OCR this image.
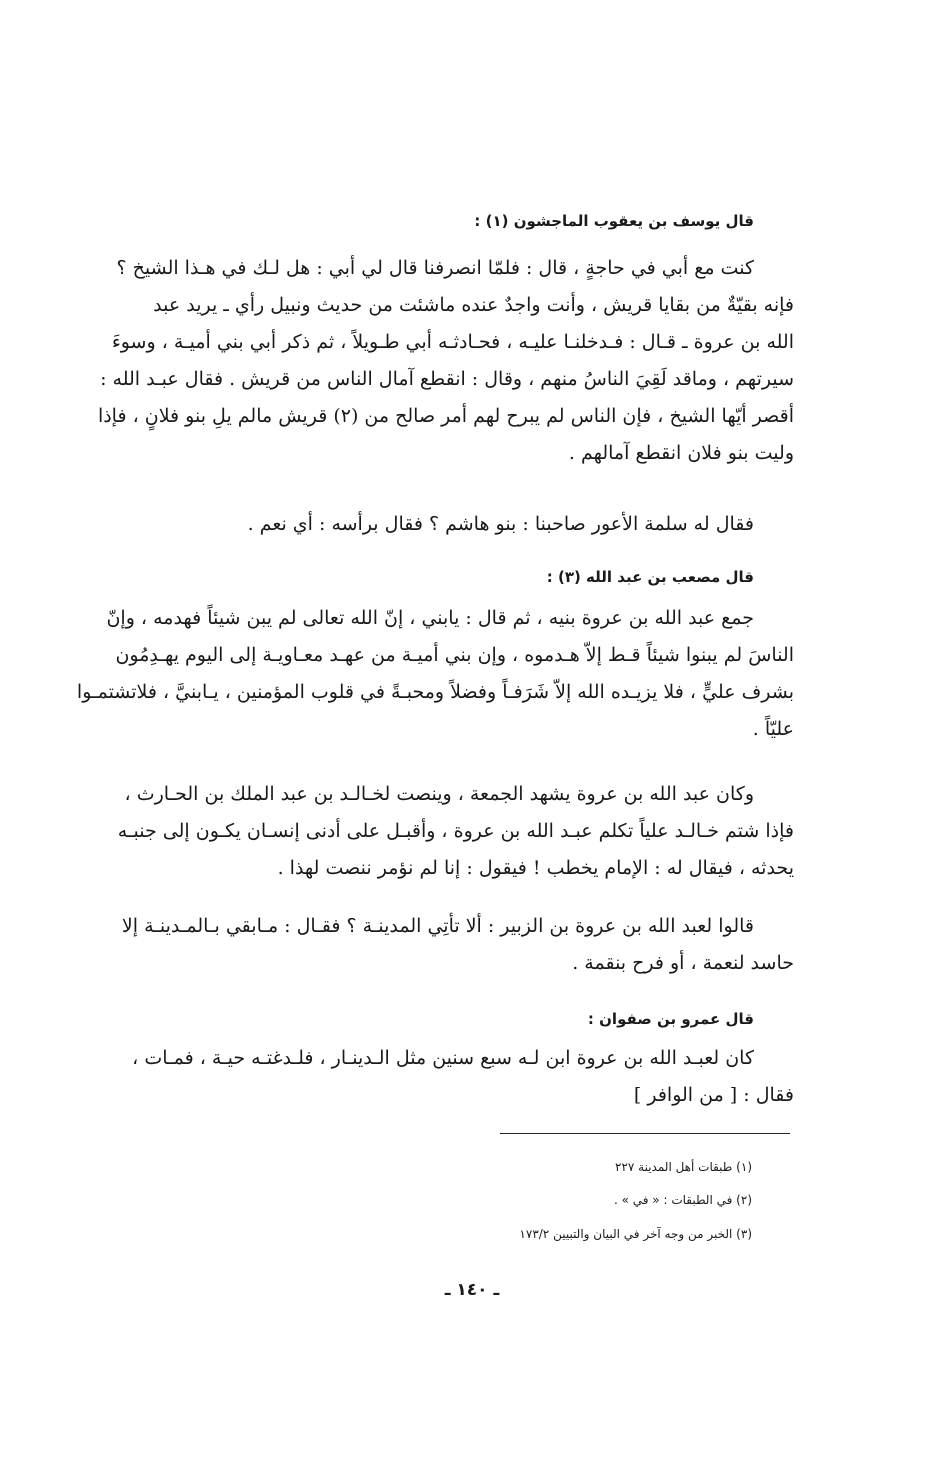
قال يوسف بن يعقوب الماجشون (١) :
كنت مع أبي في حاجةٍ ، قال : فلمّا انصرفنا قال لي أبي : هل لـك في هـذا الشيخ ؟
فإنه بقيّةٌ من بقايا قريش ، وأنت واجدٌ عنده ماشئت من حديث ونبيل رأي ـ يريد عبد
الله بن عروة ـ قـال : فـدخلنـا عليـه ، فحـادثـه أبي طـويلاً ، ثم ذكر أبي بني أميـة ، وسوءَ
سيرتهم ، وماقد لَقِيَ الناسُ منهم ، وقال : انقطع آمال الناس من قريش . فقال عبـد الله :
أقصر أيّها الشيخ ، فإن الناس لم يبرح لهم أمر صالح من (٢) قريش مالم يلِ بنو فلانٍ ، فإذا
وليت بنو فلان انقطع آمالهم .
فقال له سلمة الأعور صاحبنا : بنو هاشم ؟ فقال برأسه : أي نعم .
قال مصعب بن عبد الله (٣) :
جمع عبد الله بن عروة بنيه ، ثم قال : يابني ، إنّ الله تعالى لم يبن شيئاً فهدمه ، وإنّ
الناسَ لم يبنوا شيئاً قـط إلاّ هـدموه ، وإن بني أميـة من عهـد معـاويـة إلى اليوم يهـدِمُون
بشرف عليٍّ ، فلا يزيـده الله إلاّ شَرَفـاً وفضلاً ومحبـةً في قلوب المؤمنين ، يـابنيَّ ، فلاتشتمـوا
عليّاً .
وكان عبد الله بن عروة يشهد الجمعة ، وينصت لخـالـد بن عبد الملك بن الحـارث ،
فإذا شتم خـالـد علياً تكلم عبـد الله بن عروة ، وأقبـل على أدنى إنسـان يكـون إلى جنبـه
يحدثه ، فيقال له : الإمام يخطب ! فيقول : إنا لم نؤمر ننصت لهذا .
قالوا لعبد الله بن عروة بن الزبير : ألا تأتِي المدينـة ؟ فقـال : مـابقي بـالمـدينـة إلا
حاسد لنعمة ، أو فرح بنقمة .
قال عمرو بن صفوان :
كان لعبـد الله بن عروة ابن لـه سبع سنين مثل الـدينـار ، فلـدغتـه حيـة ، فمـات ،
فقال : [ من الوافر ]
(١) طبقات أهل المدينة ٢٢٧
(٢) في الطبقات : « في » .
(٣) الخبر من وجه آخر في البيان والتبيين ١٧٣/٢
ـ ١٤٠ ـ
